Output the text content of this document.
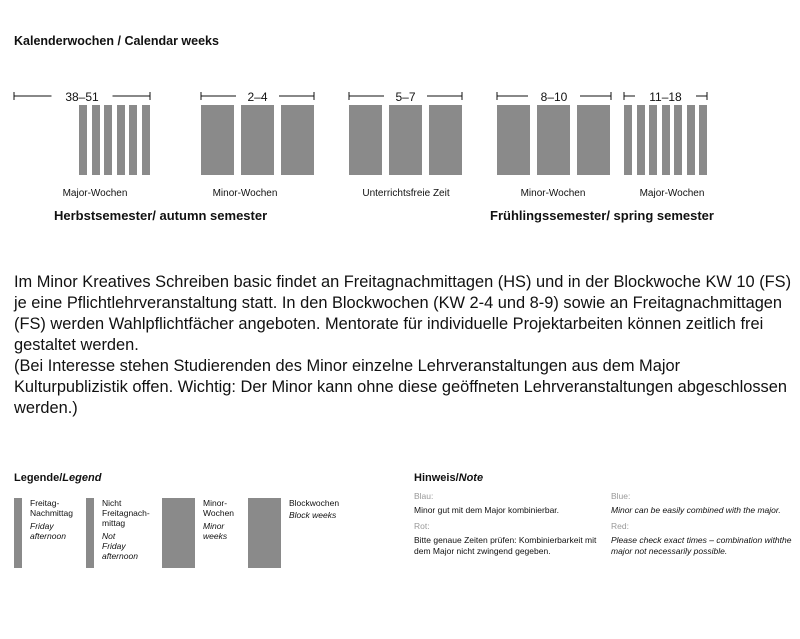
Kalenderwochen / Calendar weeks
38–51	2–4	5–7	8–10	11–18
Major-Wochen	Minor-Wochen	Unterrichtsfreie Zeit	Minor-Wochen	Major-Wochen
Herbstsemester/ autumn semester	Frühlingssemester/ spring semester

Im Minor Kreatives Schreiben basic findet an Freitagnachmittagen (HS) und in der Blockwoche KW 10 (FS) je eine Pflichtlehrveranstaltung statt. In den Blockwochen (KW 2-4 und 8-9) sowie an Freitagnachmittagen (FS) werden Wahlpflichtfächer angeboten. Mentorate für individuelle Projektarbeiten können zeitlich frei gestaltet werden.

(Bei Interesse stehen Studierenden des Minor einzelne Lehrveranstaltungen aus dem Major Kulturpublizistik offen. Wichtig: Der Minor kann ohne diese geöffneten Lehrveranstaltungen abgeschlossen werden.)

Legende/Legend
Freitag-
Nachmittag
Friday
afternoon
Nicht
Freitagnach-
mittag
Not
Friday
afternoon
Minor-
Wochen
Minor
weeks
Blockwochen
Block weeks
Hinweis/Note
Blau:
Minor gut mit dem Major kombinierbar.
Rot:
Bitte genaue Zeiten prüfen: Kombinierbarkeit mit dem Major nicht zwingend gegeben.
Blue:
Minor can be easily combined with the major.
Red:
Please check exact times – combination withthe major not necessarily possible.
